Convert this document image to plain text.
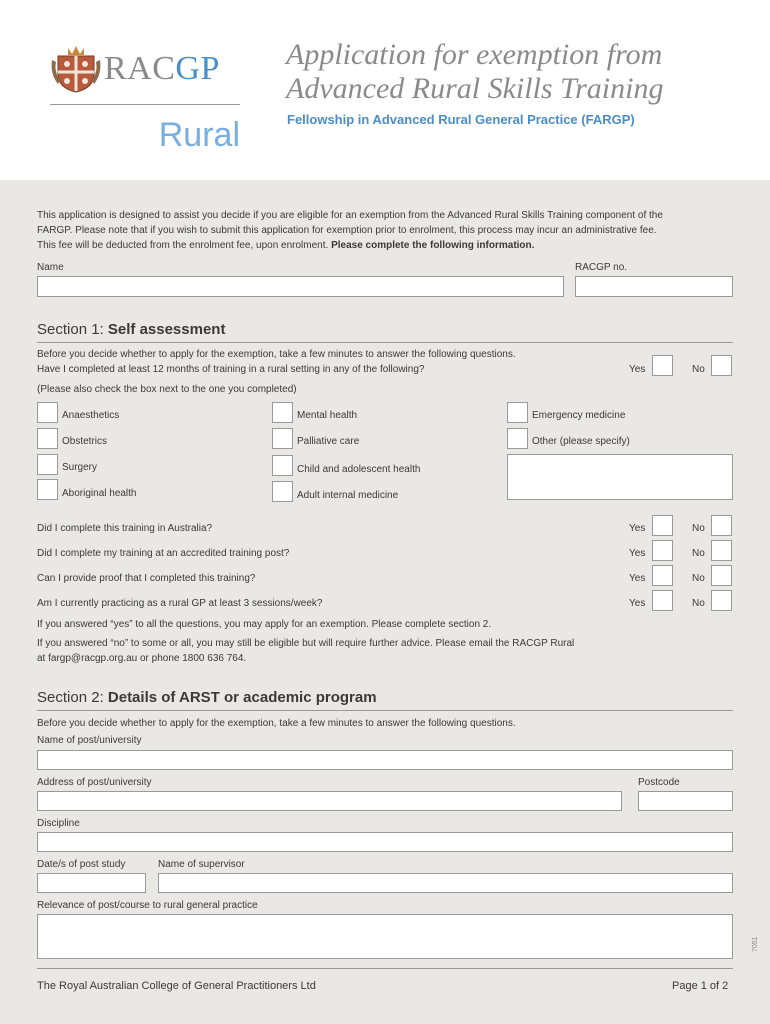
RACGP
Rural
Application for exemption from
Advanced Rural Skills Training
Fellowship in Advanced Rural General Practice (FARGP)
This application is designed to assist you decide if you are eligible for an exemption from the Advanced Rural Skills Training component of the
FARGP. Please note that if you wish to submit this application for exemption prior to enrolment, this process may incur an administrative fee.
This fee will be deducted from the enrolment fee, upon enrolment. Please complete the following information.
Name	RACGP no.
Section 1: Self assessment
Before you decide whether to apply for the exemption, take a few minutes to answer the following questions.
Have I completed at least 12 months of training in a rural setting in any of the following?	Yes	No
(Please also check the box next to the one you completed)
Anaesthetics
Obstetrics
Surgery
Aboriginal health
Mental health
Palliative care
Child and adolescent health
Adult internal medicine
Emergency medicine
Other (please specify)
Did I complete this training in Australia?	Yes	No
Did I complete my training at an accredited training post?	Yes	No
Can I provide proof that I completed this training?	Yes	No
Am I currently practicing as a rural GP at least 3 sessions/week?	Yes	No
If you answered “yes” to all the questions, you may apply for an exemption. Please complete section 2.
If you answered “no” to some or all, you may still be eligible but will require further advice. Please email the RACGP Rural
at fargp@racgp.org.au or phone 1800 636 764.
Section 2: Details of ARST or academic program
Before you decide whether to apply for the exemption, take a few minutes to answer the following questions.
Name of post/university
Address of post/university	Postcode
Discipline
Date/s of post study	Name of supervisor
Relevance of post/course to rural general practice
7051
The Royal Australian College of General Practitioners Ltd	Page 1 of 2
